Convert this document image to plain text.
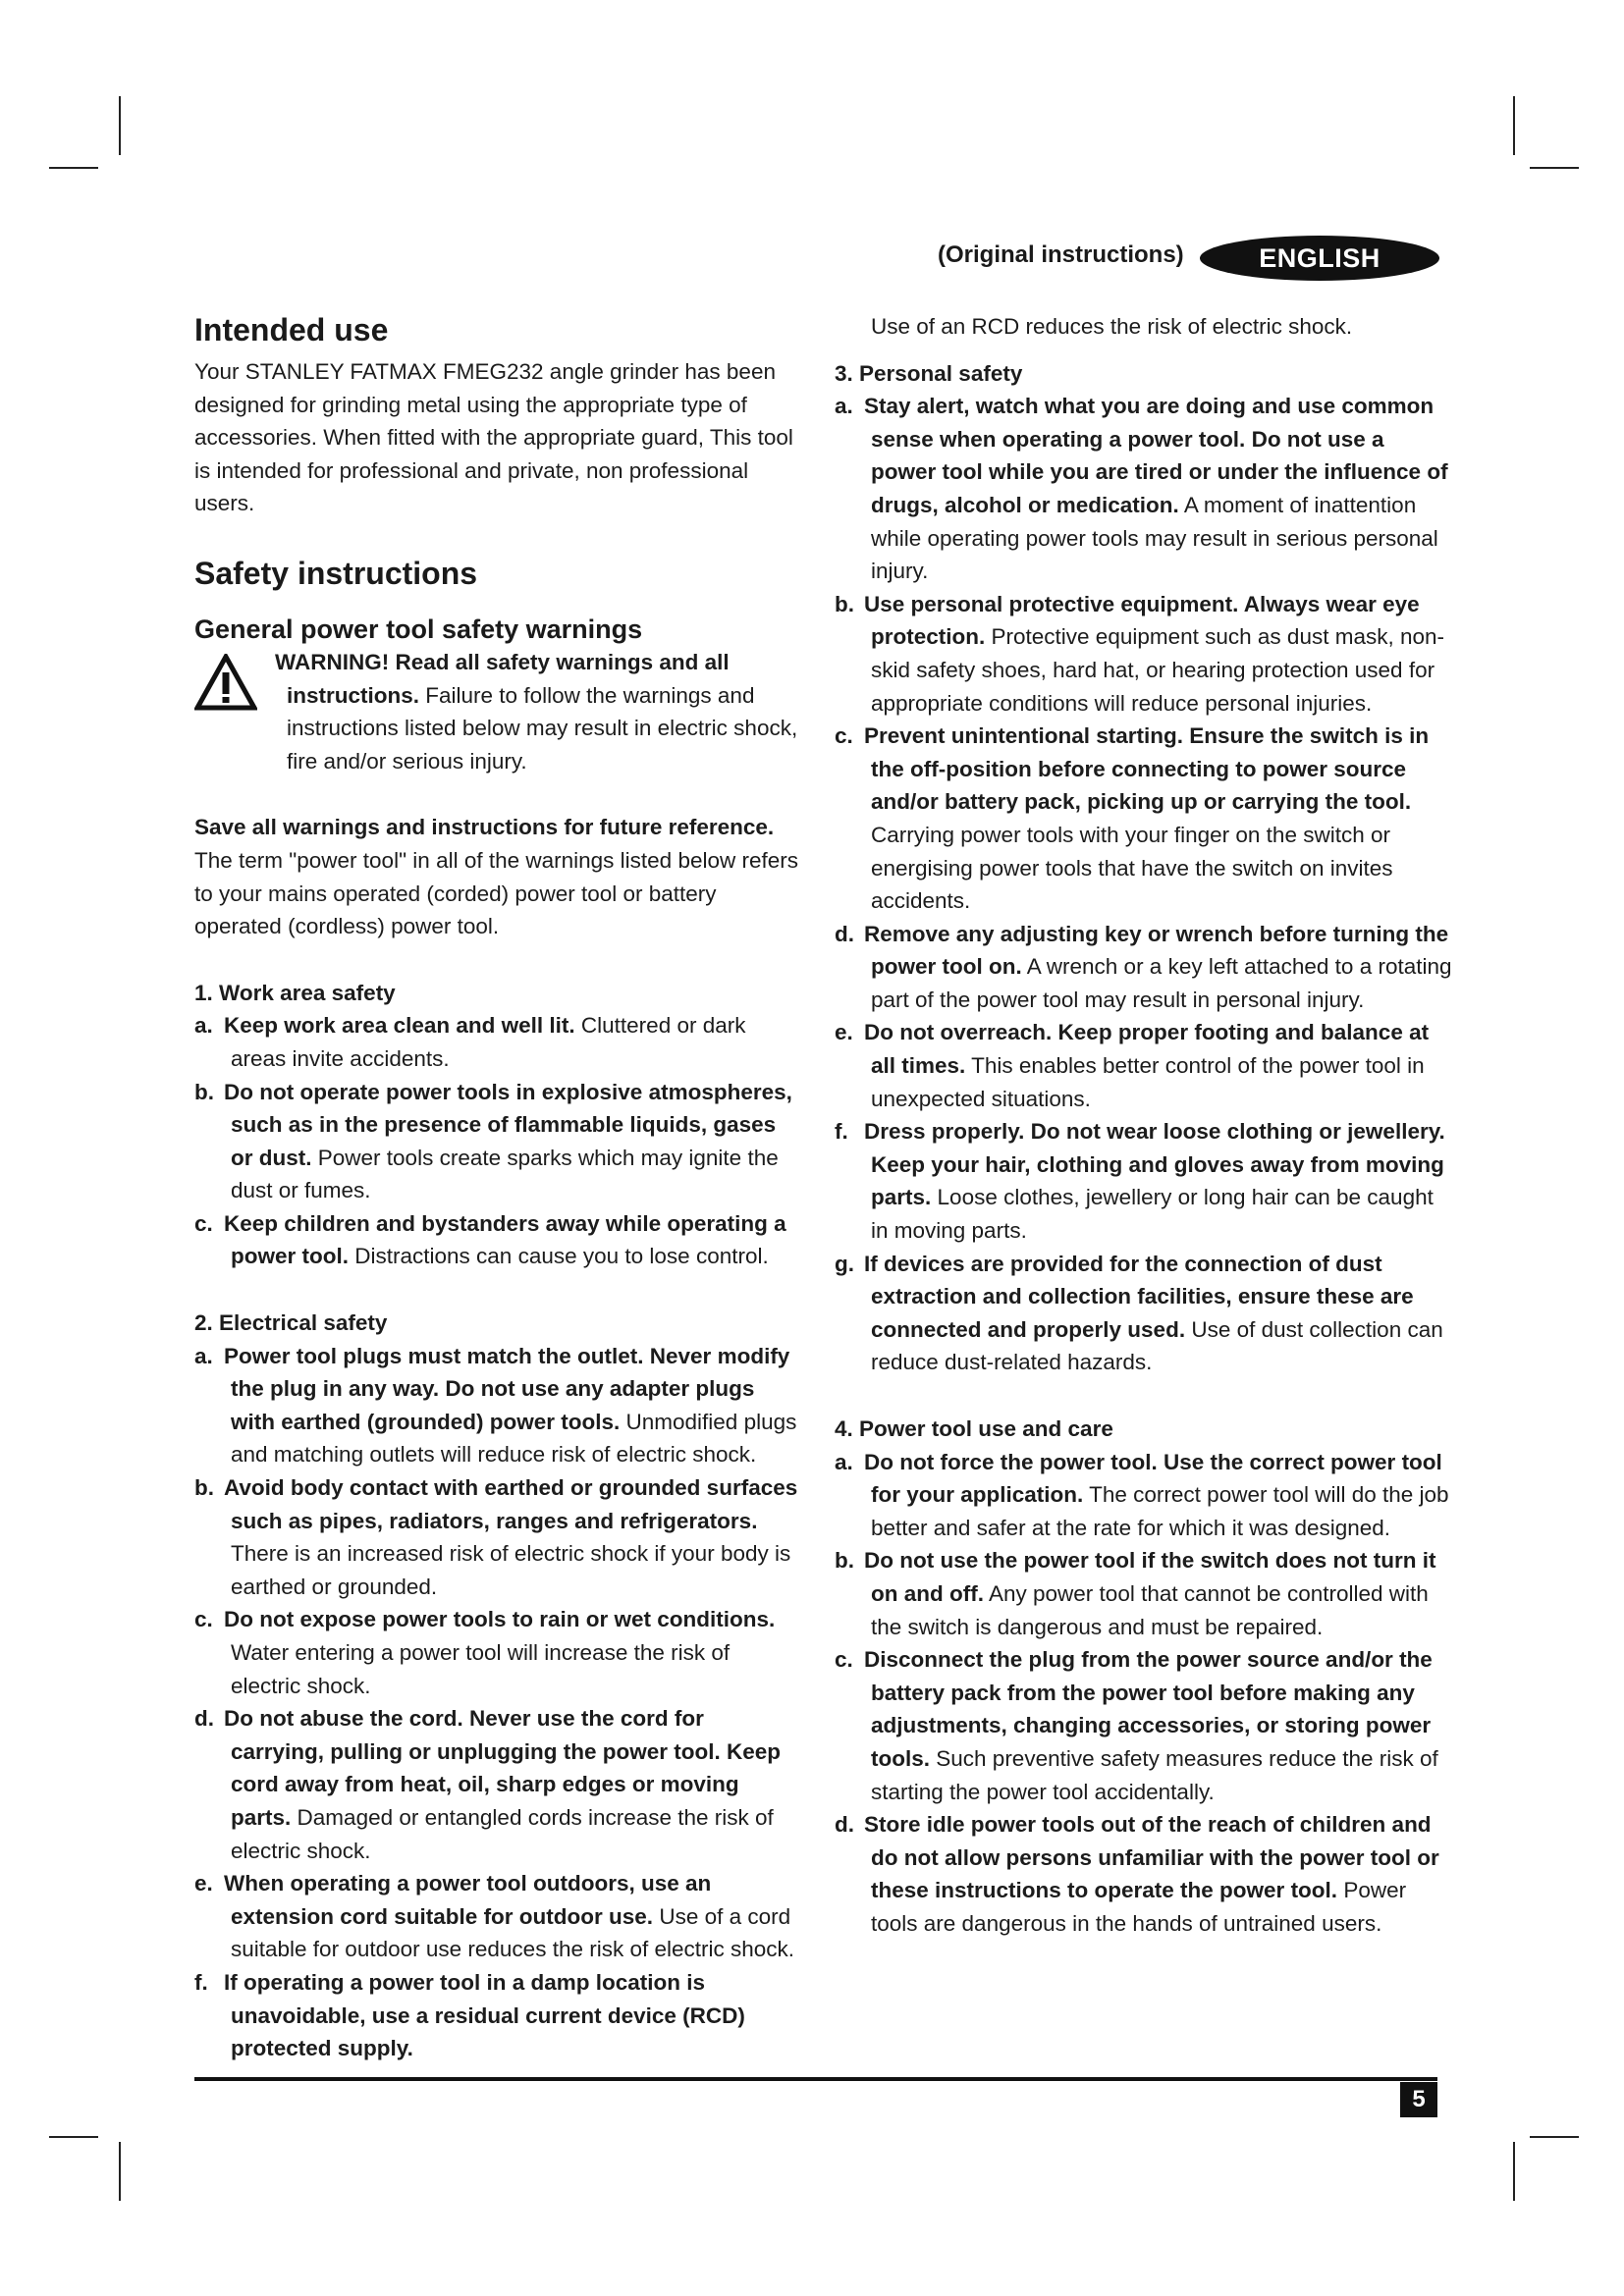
(Original instructions)	ENGLISH
Intended use

Your STANLEY FATMAX FMEG232 angle grinder has been designed for grinding metal using the appropriate type of accessories. When fitted with the appropriate guard, This tool is intended for professional and private, non professional users.

Safety instructions
General power tool safety warnings

WARNING! Read all safety warnings and all instructions. Failure to follow the warnings and instructions listed below may result in electric shock, fire and/or serious injury.

Save all warnings and instructions for future reference.

The term "power tool" in all of the warnings listed below refers to your mains operated (corded) power tool or battery operated (cordless) power tool.

1. Work area safety

a. Keep work area clean and well lit. Cluttered or dark areas invite accidents.

b. Do not operate power tools in explosive atmospheres, such as in the presence of flammable liquids, gases or dust. Power tools create sparks which may ignite the dust or fumes.

c. Keep children and bystanders away while operating a power tool. Distractions can cause you to lose control.

2. Electrical safety

a. Power tool plugs must match the outlet. Never modify the plug in any way. Do not use any adapter plugs with earthed (grounded) power tools. Unmodified plugs and matching outlets will reduce risk of electric shock.

b. Avoid body contact with earthed or grounded surfaces such as pipes, radiators, ranges and refrigerators. There is an increased risk of electric shock if your body is earthed or grounded.

c. Do not expose power tools to rain or wet conditions. Water entering a power tool will increase the risk of electric shock.

d. Do not abuse the cord. Never use the cord for carrying, pulling or unplugging the power tool. Keep cord away from heat, oil, sharp edges or moving parts. Damaged or entangled cords increase the risk of electric shock.

e. When operating a power tool outdoors, use an extension cord suitable for outdoor use. Use of a cord suitable for outdoor use reduces the risk of electric shock.

f. If operating a power tool in a damp location is unavoidable, use a residual current device (RCD) protected supply.

Use of an RCD reduces the risk of electric shock.

3. Personal safety

a. Stay alert, watch what you are doing and use common sense when operating a power tool. Do not use a power tool while you are tired or under the influence of drugs, alcohol or medication. A moment of inattention while operating power tools may result in serious personal injury.

b. Use personal protective equipment. Always wear eye protection. Protective equipment such as dust mask, non-skid safety shoes, hard hat, or hearing protection used for appropriate conditions will reduce personal injuries.

c. Prevent unintentional starting. Ensure the switch is in the off-position before connecting to power source and/or battery pack, picking up or carrying the tool. Carrying power tools with your finger on the switch or energising power tools that have the switch on invites accidents.

d. Remove any adjusting key or wrench before turning the power tool on. A wrench or a key left attached to a rotating part of the power tool may result in personal injury.

e. Do not overreach. Keep proper footing and balance at all times. This enables better control of the power tool in unexpected situations.

f. Dress properly. Do not wear loose clothing or jewellery. Keep your hair, clothing and gloves away from moving parts. Loose clothes, jewellery or long hair can be caught in moving parts.

g. If devices are provided for the connection of dust extraction and collection facilities, ensure these are connected and properly used. Use of dust collection can reduce dust-related hazards.

4. Power tool use and care

a. Do not force the power tool. Use the correct power tool for your application. The correct power tool will do the job better and safer at the rate for which it was designed.

b. Do not use the power tool if the switch does not turn it on and off. Any power tool that cannot be controlled with the switch is dangerous and must be repaired.

c. Disconnect the plug from the power source and/or the battery pack from the power tool before making any adjustments, changing accessories, or storing power tools. Such preventive safety measures reduce the risk of starting the power tool accidentally.

d. Store idle power tools out of the reach of children and do not allow persons unfamiliar with the power tool or these instructions to operate the power tool. Power tools are dangerous in the hands of untrained users.

5
